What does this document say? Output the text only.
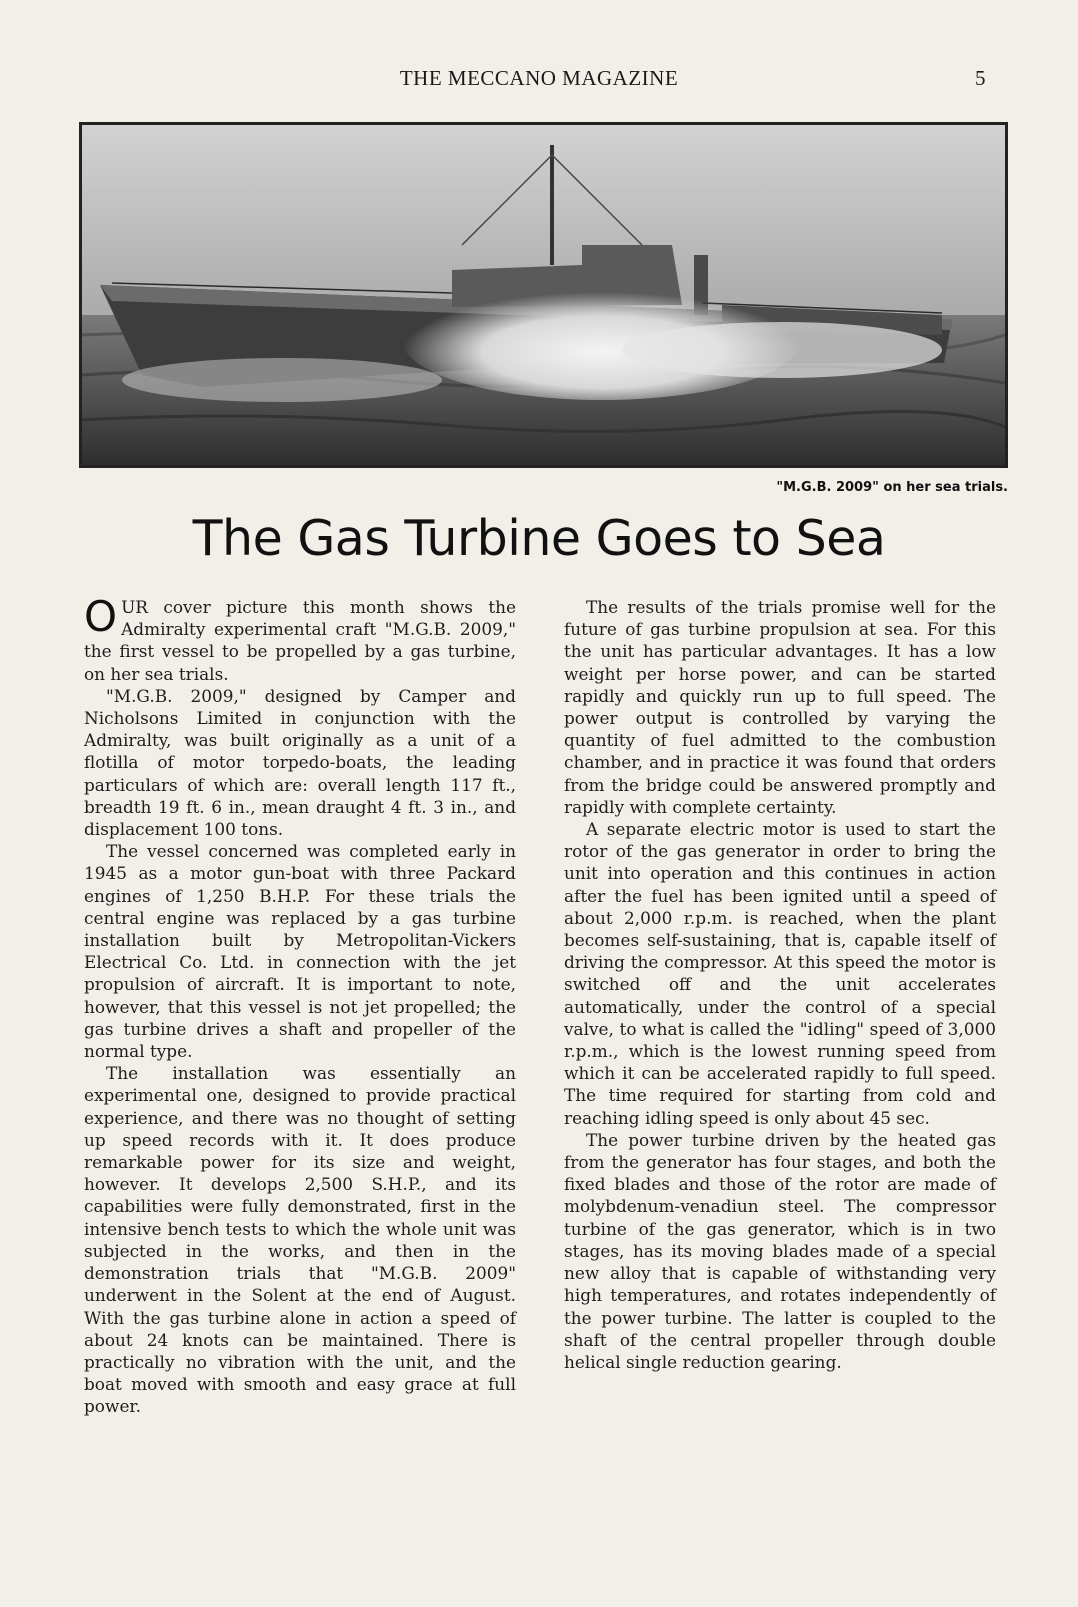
THE MECCANO MAGAZINE	5
"M.G.B. 2009" on her sea trials.
The Gas Turbine Goes to Sea

OUR cover picture this month shows the Admiralty experimental craft "M.G.B. 2009," the first vessel to be propelled by a gas turbine, on her sea trials.

"M.G.B. 2009," designed by Camper and Nicholsons Limited in conjunction with the Admiralty, was built originally as a unit of a flotilla of motor torpedo-boats, the leading particulars of which are: overall length 117 ft., breadth 19 ft. 6 in., mean draught 4 ft. 3 in., and displacement 100 tons.

The vessel concerned was completed early in 1945 as a motor gun-boat with three Packard engines of 1,250 B.H.P. For these trials the central engine was replaced by a gas turbine installation built by Metropolitan-Vickers Electrical Co. Ltd. in connection with the jet propulsion of aircraft. It is important to note, however, that this vessel is not jet propelled; the gas turbine drives a shaft and propeller of the normal type.

The installation was essentially an experimental one, designed to provide practical experience, and there was no thought of setting up speed records with it. It does produce remarkable power for its size and weight, however. It develops 2,500 S.H.P., and its capabilities were fully demonstrated, first in the intensive bench tests to which the whole unit was subjected in the works, and then in the demonstration trials that "M.G.B. 2009" underwent in the Solent at the end of August. With the gas turbine alone in action a speed of about 24 knots can be maintained. There is practically no vibration with the unit, and the boat moved with smooth and easy grace at full power.

The results of the trials promise well for the future of gas turbine propulsion at sea. For this the unit has particular advantages. It has a low weight per horse power, and can be started rapidly and quickly run up to full speed. The power output is controlled by varying the quantity of fuel admitted to the combustion chamber, and in practice it was found that orders from the bridge could be answered promptly and rapidly with complete certainty.

A separate electric motor is used to start the rotor of the gas generator in order to bring the unit into operation and this continues in action after the fuel has been ignited until a speed of about 2,000 r.p.m. is reached, when the plant becomes self-sustaining, that is, capable itself of driving the compressor. At this speed the motor is switched off and the unit accelerates automatically, under the control of a special valve, to what is called the "idling" speed of 3,000 r.p.m., which is the lowest running speed from which it can be accelerated rapidly to full speed. The time required for starting from cold and reaching idling speed is only about 45 sec.

The power turbine driven by the heated gas from the generator has four stages, and both the fixed blades and those of the rotor are made of molybdenum-venadiun steel. The compressor turbine of the gas generator, which is in two stages, has its moving blades made of a special new alloy that is capable of withstanding very high temperatures, and rotates independently of the power turbine. The latter is coupled to the shaft of the central propeller through double helical single reduction gearing.
